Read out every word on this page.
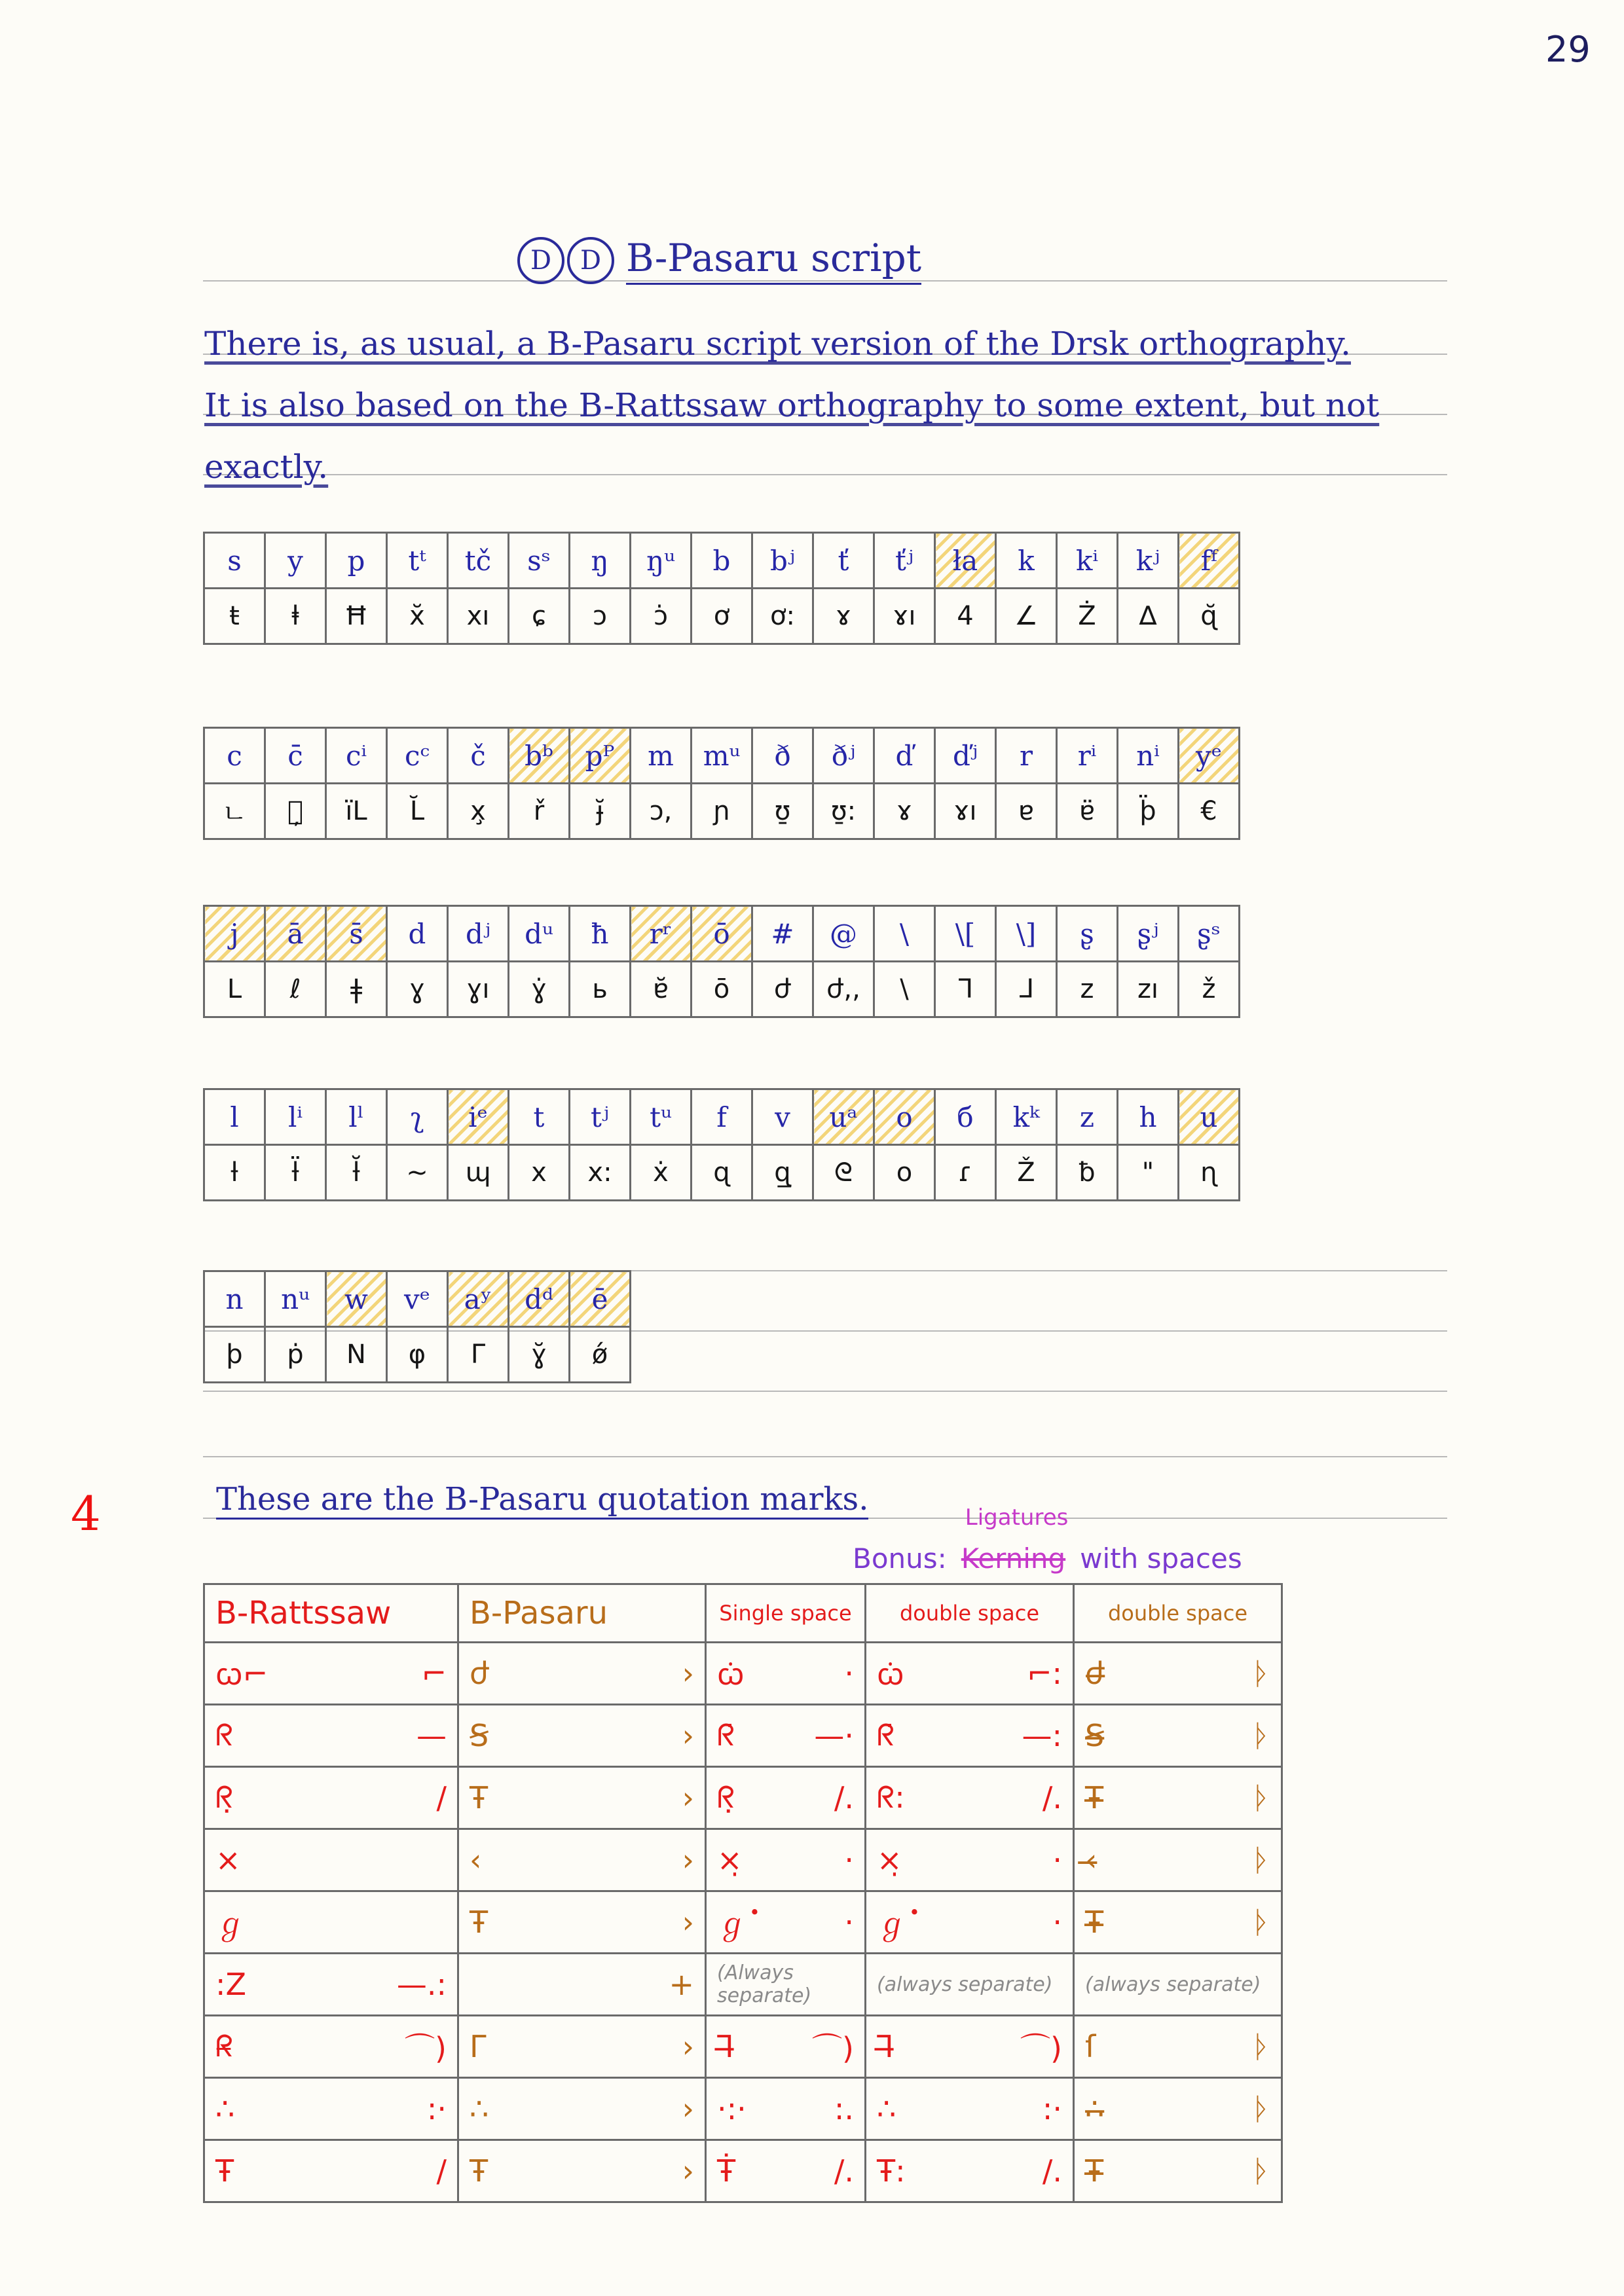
29
D	D B-Pasaru script
There is, as usual, a B-Pasaru script version of the Drsk orthography.
It is also based on the B-Rattssaw orthography to some extent, but not
exactly.
s	y	p	tᵗ	tč	sˢ	ŋ	ŋᵘ	b	bʲ	ť	ťʲ	ła	k	kⁱ	kʲ	fᶠ
ŧ	ⱡ	Ħ	x̆	xı	ɕ	ɔ	ɔ̇	ơ	ơ:	ɤ	ɤı	4	∠	Ż	∆	ɋ̆
c	c̄	cⁱ	cᶜ	č	bᵇ	pᴾ	m	mᵘ	ð	ðʲ	ď	ďʲ	r	rⁱ	nⁱ	yᵉ
ㄴ	ㄴ̦	ïL	L̆	x̧	ř	ɟ̆	ɔ,	ɲ	ʊ̱	ʊ̱:	ɤ	ɤı	ɐ	ɐ̈	þ̈	€
j	ā	s̄	d	dʲ	dᵘ	ħ	rʳ	ō	#	@	\	\[	\]	ʂ	ʂʲ	ʂˢ
L	ℓ	ǂ	ɣ	ɣı	ɣ̇	ь	ɐ̆	ō	ժ	ժ,,	\	ᒣ	ᒧ	z	zı	ž
l	lⁱ	lˡ	ʅ	iᵉ	t	tʲ	tᵘ	f	v	uᵃ	o	б	kᵏ	z	h	u
ƚ	ƚ̈	ƚ̆	~	ɰ	x	x:	ẋ	ɋ	ɋ̲	ᘓ	o	ɾ	Ž	ƀ	"	ɳ
n	nᵘ	w	vᵉ	aʸ	dᵈ	ē
þ	ṗ	N	φ	ᒥ	ɣ̆	ǿ
4	These are the B-Pasaru quotation marks.
Bonus: Kerning
Ligatures
with spaces
B-Rattssaw	B-Pasaru	Single space	double space	double space

ꞷ⌐ ⌐	ժ ›	ꞷ̇ ·	ꞷ̇ ⌐:	ժ̶ ᚦ

ᖇ —	Ꞩ ›	ᖇ̇ —·	ᖇ̇ —:	Ꞩ̶ ᚦ

ᖇ̣ /	Ŧ ›	ᖇ̣ /.	ᖇ: /.	Ŧ̶ ᚦ

×	‹ ›	×̣ ·	×̣ ·	‹̶ ᚦ

ℊ	Ŧ ›	ℊ̇ ·	ℊ̇ ·	Ŧ̶ ᚦ

:Z —.:	+	(Always separate)	(always separate)	(always separate)

ᖇ̶ ⌒)	Γ ›	Ꞁ̶ ⌒)	Ꞁ̶ ⌒)	ſ ᚦ

∴ :·	∴ ›	·:· :.	∴ :·	∴̶ ᚦ

Ŧ /	Ŧ ›	Ŧ̇ /.	Ŧ: /.	Ŧ̶ ᚦ
